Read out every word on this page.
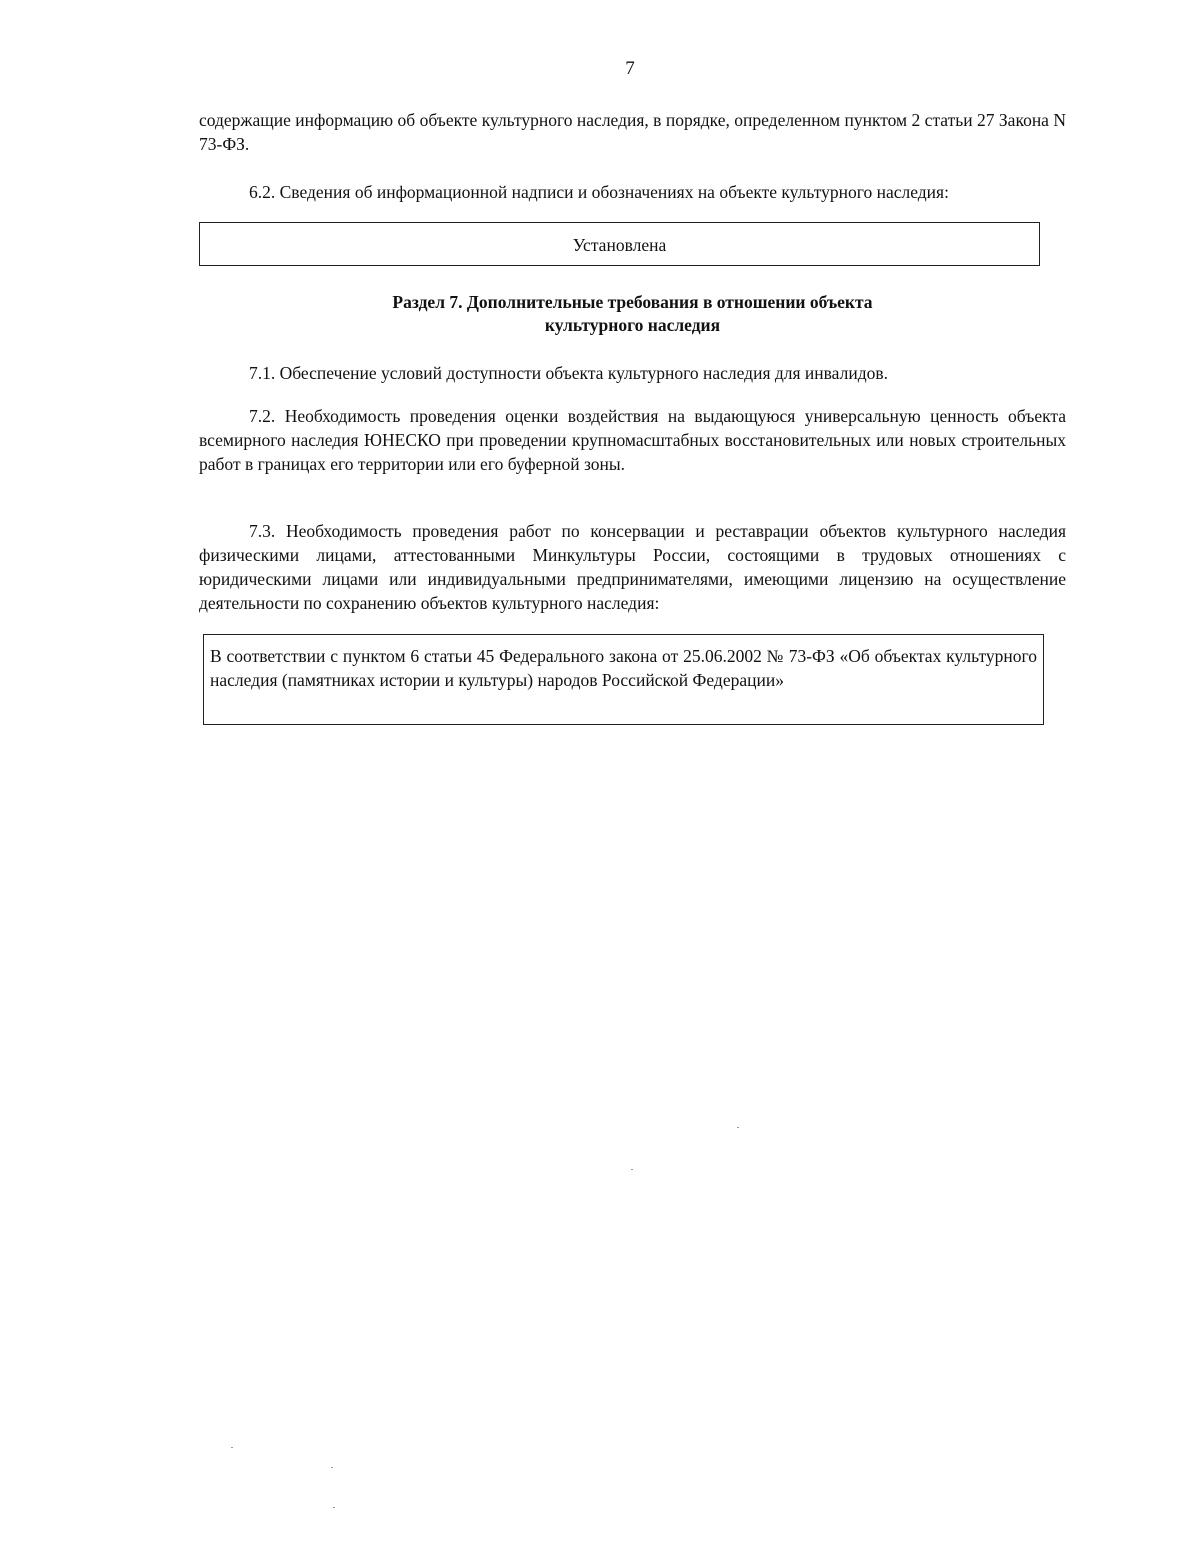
7
содержащие информацию об объекте культурного наследия, в порядке, определенном пунктом 2 статьи 27 Закона N 73-ФЗ.
6.2. Сведения об информационной надписи и обозначениях на объекте культурного наследия:
Установлена
Раздел 7. Дополнительные требования в отношении объекта
культурного наследия
7.1. Обеспечение условий доступности объекта культурного наследия для инвалидов.
7.2. Необходимость проведения оценки воздействия на выдающуюся универсальную ценность объекта всемирного наследия ЮНЕСКО при проведении крупномасштабных восстановительных или новых строительных работ в границах его территории или его буферной зоны.
7.3. Необходимость проведения работ по консервации и реставрации объектов культурного наследия физическими лицами, аттестованными Минкультуры России, состоящими в трудовых отношениях с юридическими лицами или индивидуальными предпринимателями, имеющими лицензию на осуществление деятельности по сохранению объектов культурного наследия:
В соответствии с пунктом 6 статьи 45 Федерального закона от 25.06.2002 № 73-ФЗ «Об объектах культурного наследия (памятниках истории и культуры) народов Российской Федерации»
